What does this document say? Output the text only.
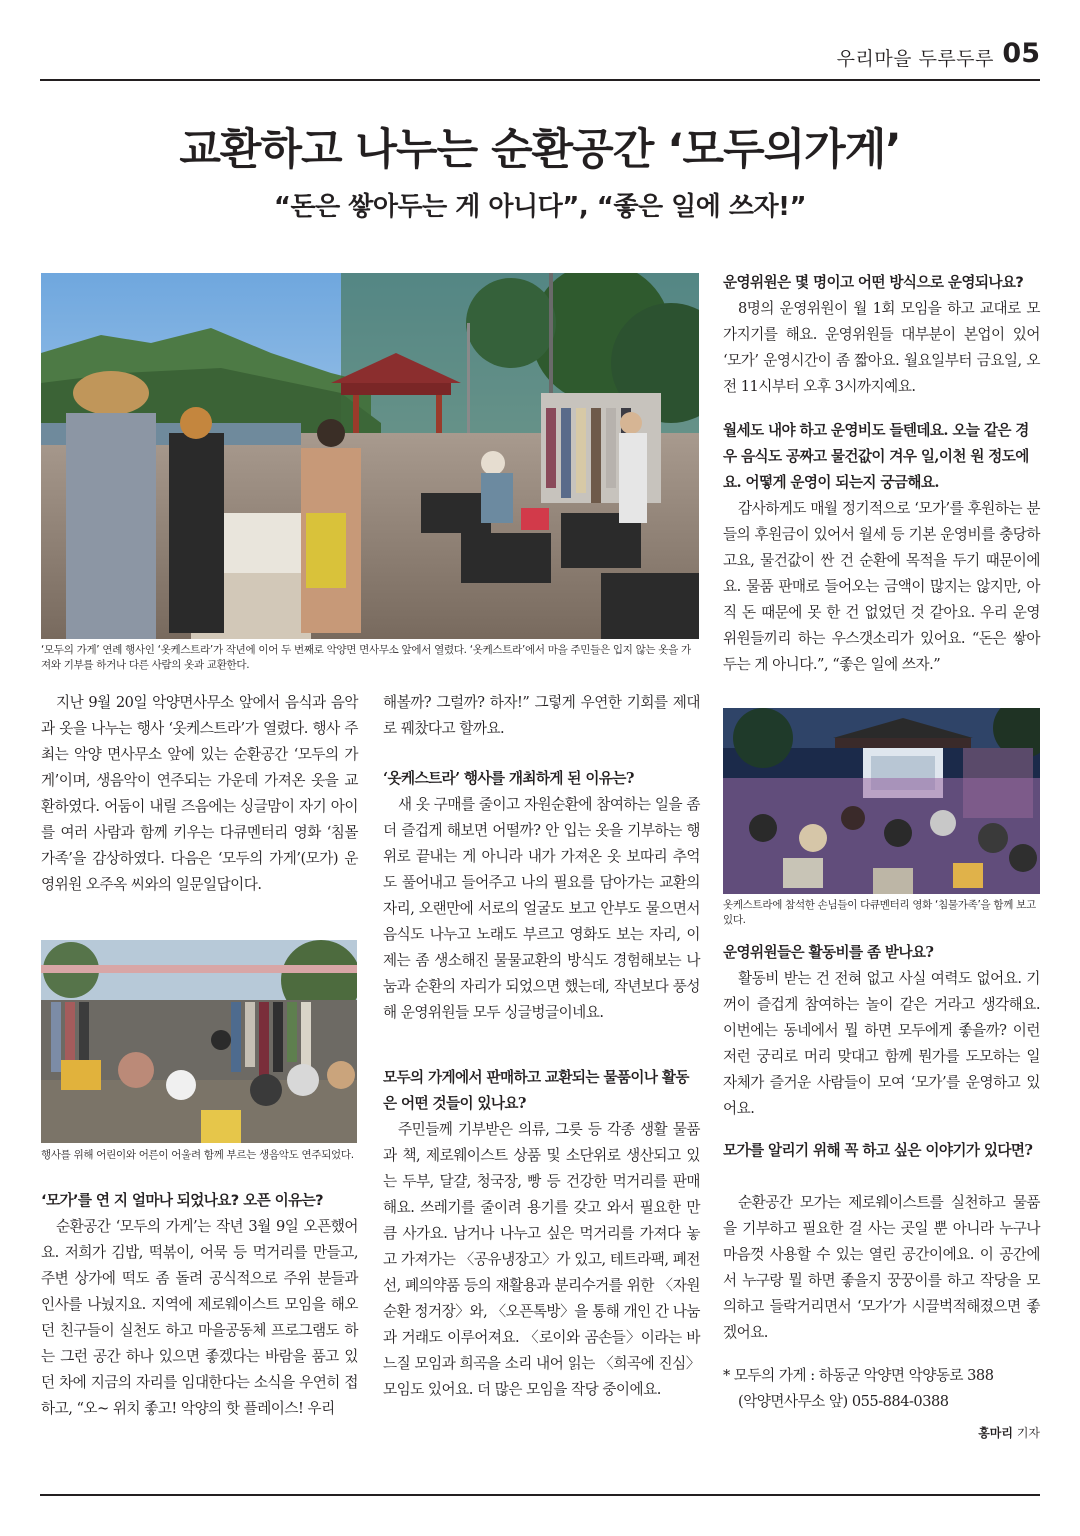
우리마을 두루두루 05
교환하고 나누는 순환공간 ‘모두의가게’
“돈은 쌓아두는 게 아니다”, “좋은 일에 쓰자!”
‘모두의 가게’ 연례 행사인 ‘옷케스트라’가 작년에 이어 두 번째로 악양면 면사무소 앞에서 열렸다. ‘옷케스트라’에서 마을 주민들은 입지 않는 옷을 가져와 기부를 하거나 다른 사람의 옷과 교환한다.

지난 9월 20일 악양면사무소 앞에서 음식과 음악과 옷을 나누는 행사 ‘옷케스트라’가 열렸다. 행사 주최는 악양 면사무소 앞에 있는 순환공간 ‘모두의 가게’이며, 생음악이 연주되는 가운데 가져온 옷을 교환하였다. 어둠이 내릴 즈음에는 싱글맘이 자기 아이를 여러 사람과 함께 키우는 다큐멘터리 영화 ‘침몰 가족’을 감상하였다. 다음은 ‘모두의 가게’(모가) 운영위원 오주옥 씨와의 일문일답이다.

행사를 위해 어린이와 어른이 어울려 함께 부르는 생음악도 연주되었다.
‘모가’를 연 지 얼마나 되었나요? 오픈 이유는?

순환공간 ‘모두의 가게’는 작년 3월 9일 오픈했어요. 저희가 김밥, 떡볶이, 어묵 등 먹거리를 만들고, 주변 상가에 떡도 좀 돌려 공식적으로 주위 분들과 인사를 나눴지요. 지역에 제로웨이스트 모임을 해오던 친구들이 실천도 하고 마을공동체 프로그램도 하는 그런 공간 하나 있으면 좋겠다는 바람을 품고 있던 차에 지금의 자리를 임대한다는 소식을 우연히 접하고, “오~ 위치 좋고! 악양의 핫 플레이스! 우리

해볼까? 그럴까? 하자!” 그렇게 우연한 기회를 제대로 꿰찼다고 할까요.

‘옷케스트라’ 행사를 개최하게 된 이유는?

새 옷 구매를 줄이고 자원순환에 참여하는 일을 좀 더 즐겁게 해보면 어떨까? 안 입는 옷을 기부하는 행위로 끝내는 게 아니라 내가 가져온 옷 보따리 추억도 풀어내고 들어주고 나의 필요를 담아가는 교환의 자리, 오랜만에 서로의 얼굴도 보고 안부도 물으면서 음식도 나누고 노래도 부르고 영화도 보는 자리, 이제는 좀 생소해진 물물교환의 방식도 경험해보는 나눔과 순환의 자리가 되었으면 했는데, 작년보다 풍성해 운영위원들 모두 싱글벙글이네요.

모두의 가게에서 판매하고 교환되는 물품이나 활동은 어떤 것들이 있나요?

주민들께 기부받은 의류, 그릇 등 각종 생활 물품과 책, 제로웨이스트 상품 및 소단위로 생산되고 있는 두부, 달걀, 청국장, 빵 등 건강한 먹거리를 판매해요. 쓰레기를 줄이려 용기를 갖고 와서 필요한 만큼 사가요. 남거나 나누고 싶은 먹거리를 가져다 놓고 가져가는 〈공유냉장고〉가 있고, 테트라팩, 폐전선, 폐의약품 등의 재활용과 분리수거를 위한 〈자원순환 정거장〉와, 〈오픈톡방〉을 통해 개인 간 나눔과 거래도 이루어져요. 〈로이와 곰손들〉이라는 바느질 모임과 희곡을 소리 내어 읽는 〈희곡에 진심〉 모임도 있어요. 더 많은 모임을 작당 중이에요.

운영위원은 몇 명이고 어떤 방식으로 운영되나요?

8명의 운영위원이 월 1회 모임을 하고 교대로 모가지기를 해요. 운영위원들 대부분이 본업이 있어 ‘모가’ 운영시간이 좀 짧아요. 월요일부터 금요일, 오전 11시부터 오후 3시까지예요.

월세도 내야 하고 운영비도 들텐데요. 오늘 같은 경우 음식도 공짜고 물건값이 겨우 일,이천 원 정도에요. 어떻게 운영이 되는지 궁금해요.

감사하게도 매월 정기적으로 ‘모가’를 후원하는 분들의 후원금이 있어서 월세 등 기본 운영비를 충당하고요, 물건값이 싼 건 순환에 목적을 두기 때문이에요. 물품 판매로 들어오는 금액이 많지는 않지만, 아직 돈 때문에 못 한 건 없었던 것 같아요. 우리 운영위원들끼리 하는 우스갯소리가 있어요. “돈은 쌓아두는 게 아니다.”, “좋은 일에 쓰자.”

옷케스트라에 참석한 손님들이 다큐멘터리 영화 ‘침물가족’을 함께 보고 있다.
운영위원들은 활동비를 좀 받나요?

활동비 받는 건 전혀 없고 사실 여력도 없어요. 기꺼이 즐겁게 참여하는 놀이 같은 거라고 생각해요. 이번에는 동네에서 뭘 하면 모두에게 좋을까? 이런저런 궁리로 머리 맞대고 함께 뭔가를 도모하는 일 자체가 즐거운 사람들이 모여 ‘모가’를 운영하고 있어요.

모가를 알리기 위해 꼭 하고 싶은 이야기가 있다면?

순환공간 모가는 제로웨이스트를 실천하고 물품을 기부하고 필요한 걸 사는 곳일 뿐 아니라 누구나 마음껏 사용할 수 있는 열린 공간이에요. 이 공간에서 누구랑 뭘 하면 좋을지 꿍꿍이를 하고 작당을 모의하고 들락거리면서 ‘모가’가 시끌벅적해졌으면 좋겠어요.

* 모두의 가게 : 하동군 악양면 악양동로 388
(악양면사무소 앞) 055-884-0388
홍마리 기자
